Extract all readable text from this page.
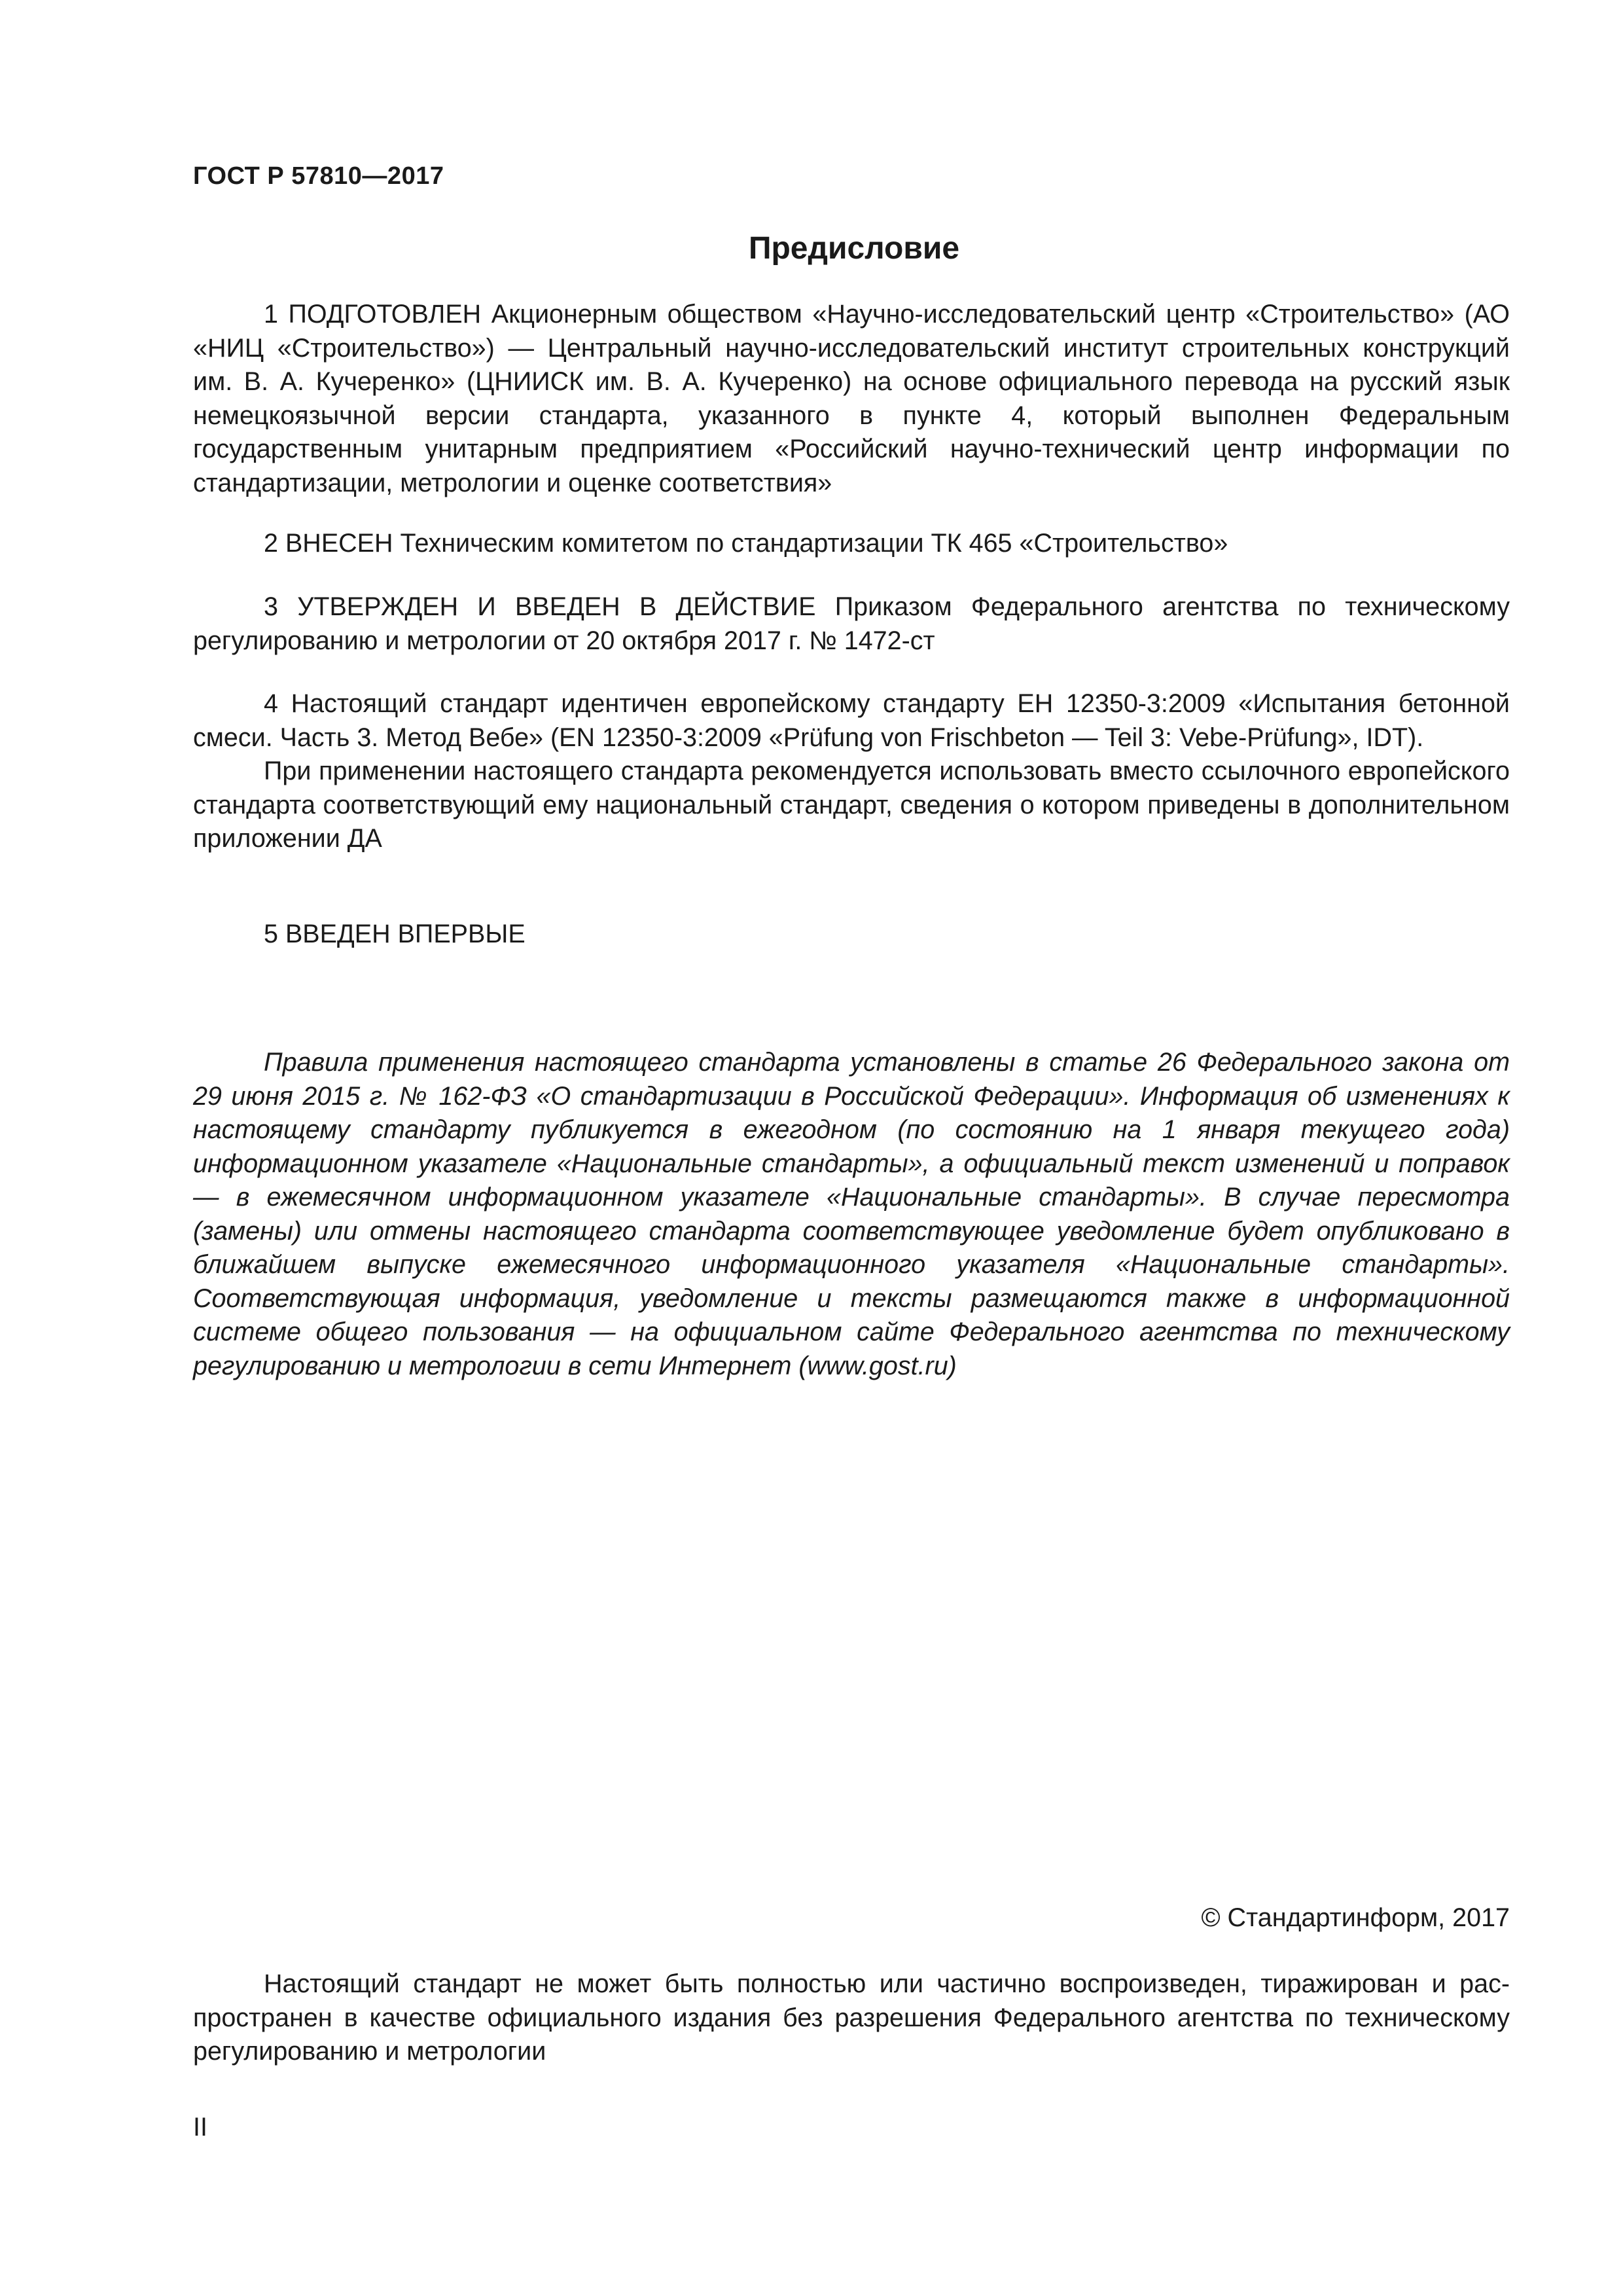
ГОСТ Р 57810—2017
Предисловие

1 ПОДГОТОВЛЕН Акционерным обществом «Научно-исследовательский центр «Строительство» (АО «НИЦ «Строительство») — Центральный научно-исследовательский институт строительных конструкций им. В. А. Кучеренко» (ЦНИИСК им. В. А. Кучеренко) на основе официального перевода на русский язык немецкоязычной версии стандарта, указанного в пункте 4, который выполнен Федеральным государственным унитарным предприятием «Российский научно-технический центр информации по стандартизации, метрологии и оценке соответствия»

2 ВНЕСЕН Техническим комитетом по стандартизации ТК 465 «Строительство»

3 УТВЕРЖДЕН И ВВЕДЕН В ДЕЙСТВИЕ Приказом Федерального агентства по техническому регулированию и метрологии от 20 октября 2017 г. № 1472-ст

4 Настоящий стандарт идентичен европейскому стандарту ЕН 12350-3:2009 «Испытания бетонной смеси. Часть 3. Метод Вебе» (EN 12350-3:2009 «Prüfung von Frischbeton — Teil 3: Vebe-Prüfung», IDT).

При применении настоящего стандарта рекомендуется использовать вместо ссылочного европейского стандарта соответствующий ему национальный стандарт, сведения о котором приведены в дополнительном приложении ДА

5 ВВЕДЕН ВПЕРВЫЕ

Правила применения настоящего стандарта установлены в статье 26 Федерального закона от 29 июня 2015 г. № 162-ФЗ «О стандартизации в Российской Федерации». Информация об изменениях к настоящему стандарту публикуется в ежегодном (по состоянию на 1 января текущего года) информационном указателе «Национальные стандарты», а официальный текст изменений и поправок — в ежемесячном информационном указателе «Национальные стандарты». В случае пересмотра (замены) или отмены настоящего стандарта соответствующее уведомление будет опубликовано в ближайшем выпуске ежемесячного информационного указателя «Национальные стандарты». Соответствующая информация, уведомление и тексты размещаются также в информационной системе общего пользования — на официальном сайте Федерального агентства по техническому регулированию и метрологии в сети Интернет (www.gost.ru)

© Стандартинформ, 2017

Настоящий стандарт не может быть полностью или частично воспроизведен, тиражирован и распространен в качестве официального издания без разрешения Федерального агентства по техническому регулированию и метрологии

II
